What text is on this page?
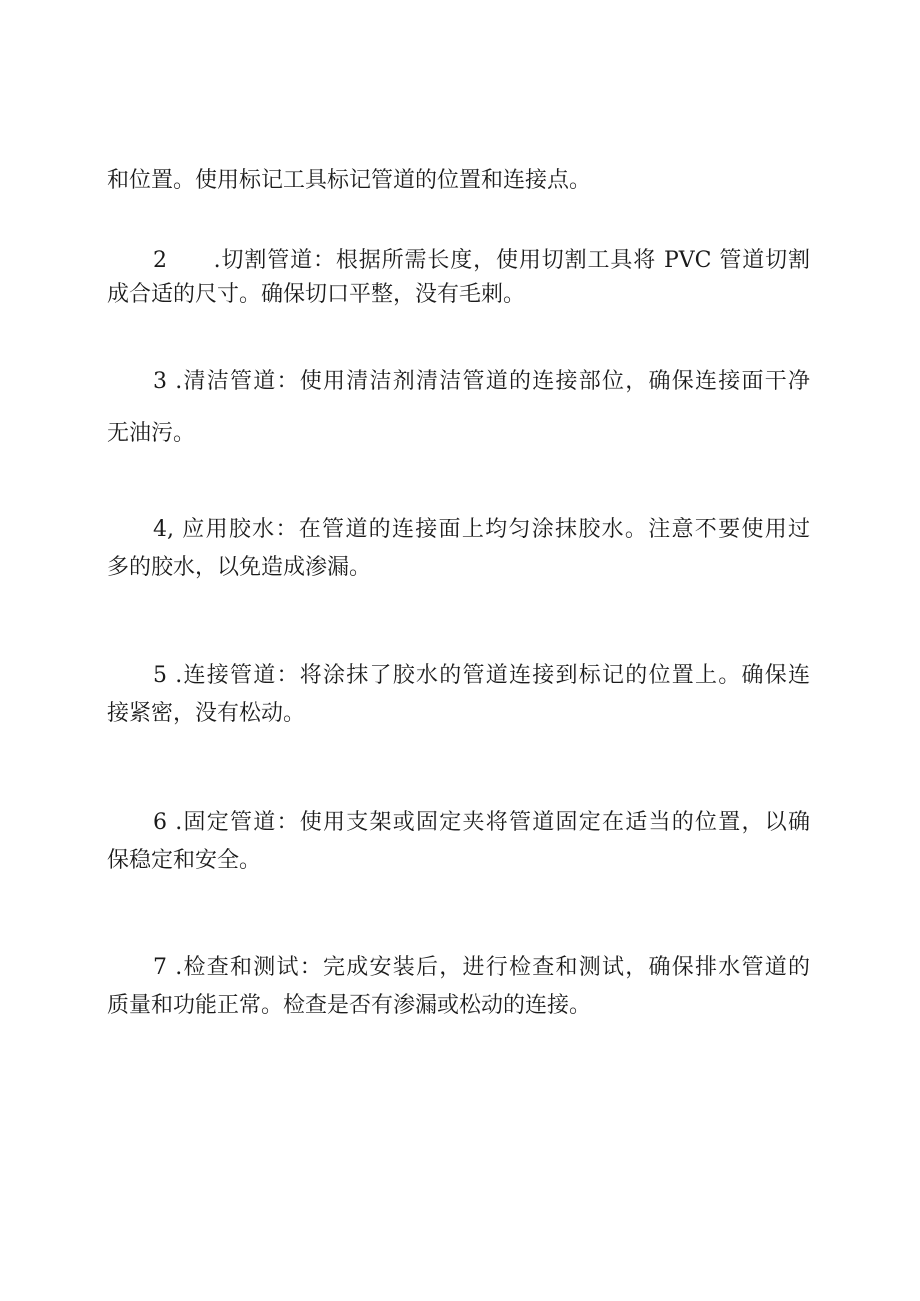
和位置。使用标记工具标记管道的位置和连接点。
2　　.切割管道：根据所需长度，使用切割工具将 PVC 管道切割
成合适的尺寸。确保切口平整，没有毛刺。
3 .清洁管道：使用清洁剂清洁管道的连接部位，确保连接面干净
无油污。
4, 应用胶水：在管道的连接面上均匀涂抹胶水。注意不要使用过
多的胶水，以免造成渗漏。
5 .连接管道：将涂抹了胶水的管道连接到标记的位置上。确保连
接紧密，没有松动。
6 .固定管道：使用支架或固定夹将管道固定在适当的位置，以确
保稳定和安全。
7 .检查和测试：完成安装后，进行检查和测试，确保排水管道的
质量和功能正常。检查是否有渗漏或松动的连接。
